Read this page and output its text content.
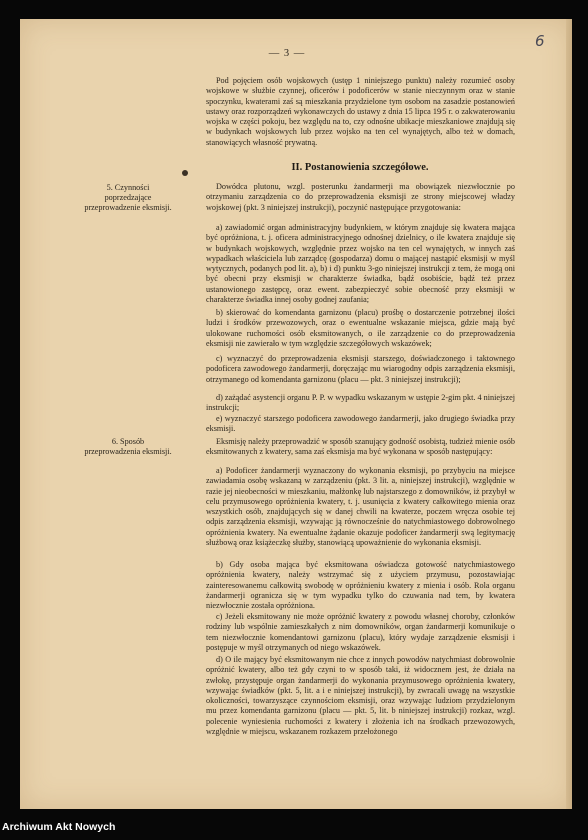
— 3 —
6

Pod pojęciem osób wojskowych (ustęp 1 niniejszego punktu) należy rozumieć osoby wojskowe w służbie czynnej, oficerów i podoficerów w stanie nieczynnym oraz w stanie spoczynku, kwaterami zaś są mieszkania przydzielone tym osobom na zasadzie postanowień ustawy oraz rozporządzeń wykonawczych do ustawy z dnia 15 lipca 19⁄5 r. o zakwaterowaniu wojska w części pokoju, bez względu na to, czy odnośne ubikacje mieszkaniowe znajdują się w budynkach wojskowych lub przez wojsko na ten cel wynajętych, albo też w domach, stanowiących własność prywatną.

II. Postanowienia szczegółowe.

5. Czynności poprzedzające przeprowadzenie eksmisji.

Dowódca plutonu, wzgl. posterunku żandarmerji ma obowiązek niezwłocznie po otrzymaniu zarządzenia co do przeprowadzenia eksmisji ze strony miejscowej władzy wojskowej (pkt. 3 niniejszej instrukcji), poczynić następujące przygotowania:

a) zawiadomić organ administracyjny budynkiem, w którym znajduje się kwatera mająca być opróżniona, t. j. oficera administracyjnego odnośnej dzielnicy, o ile kwatera znajduje się w budynkach wojskowych, względnie przez wojsko na ten cel wynajętych, w innych zaś wypadkach właściciela lub zarządcę (gospodarza) domu o mającej nastąpić eksmisji w myśl wytycznych, podanych pod lit. a), b) i d) punktu 3-go niniejszej instrukcji z tem, że mogą oni być obecni przy eksmisji w charakterze świadka, bądź osobiście, bądź też przez ustanowionego zastępcę, oraz ewent. zabezpieczyć sobie obecność przy eksmisji w charakterze świadka innej osoby godnej zaufania;

b) skierować do komendanta garnizonu (placu) prośbę o dostarczenie potrzebnej ilości ludzi i środków przewozowych, oraz o ewentualne wskazanie miejsca, gdzie mają być ulokowane ruchomości osób eksmitowanych, o ile zarządzenie co do przeprowadzenia eksmisji nie zawierało w tym względzie szczegółowych wskazówek;

c) wyznaczyć do przeprowadzenia eksmisji starszego, doświadczonego i taktownego podoficera zawodowego żandarmerji, doręczając mu wiarogodny odpis zarządzenia eksmisji, otrzymanego od komendanta garnizonu (placu — pkt. 3 niniejszej instrukcji);

d) zażądać asystencji organu P. P. w wypadku wskazanym w ustępie 2-gim pkt. 4 niniejszej instrukcji;

e) wyznaczyć starszego podoficera zawodowego żandarmerji, jako drugiego świadka przy eksmisji.

6. Sposób przeprowadzenia eksmisji.

Eksmisję należy przeprowadzić w sposób szanujący godność osobistą, tudzież mienie osób eksmitowanych z kwatery, sama zaś eksmisja ma być wykonana w sposób następujący:

a) Podoficer żandarmerji wyznaczony do wykonania eksmisji, po przybyciu na miejsce zawiadamia osobę wskazaną w zarządzeniu (pkt. 3 lit. a, niniejszej instrukcji), względnie w razie jej nieobecności w mieszkaniu, małżonkę lub najstarszego z domowników, iż przybył w celu przymusowego opróżnienia kwatery, t. j. usunięcia z kwatery całkowitego mienia oraz wszystkich osób, znajdujących się w danej chwili na kwaterze, poczem wręcza osobie tej odpis zarządzenia eksmisji, wzywając ją równocześnie do natychmiastowego dobrowolnego opróżnienia kwatery. Na ewentualne żądanie okazuje podoficer żandarmerji swą legitymację służbową oraz książeczkę służby, stanowiącą upoważnienie do wykonania eksmisji.

b) Gdy osoba mająca być eksmitowana oświadcza gotowość natychmiastowego opróżnienia kwatery, należy wstrzymać się z użyciem przymusu, pozostawiając zainteresowanemu całkowitą swobodę w opróżnieniu kwatery z mienia i osób. Rola organu żandarmerji ogranicza się w tym wypadku tylko do czuwania nad tem, by kwatera niezwłocznie została opróżniona.

c) Jeżeli eksmitowany nie może opróżnić kwatery z powodu własnej choroby, członków rodziny lub wspólnie zamieszkałych z nim domowników, organ żandarmerji komunikuje o tem niezwłocznie komendantowi garnizonu (placu), który wydaje zarządzenie eksmisji i postępuje w myśl otrzymanych od niego wskazówek.

d) O ile mający być eksmitowanym nie chce z innych powodów natychmiast dobrowolnie opróżnić kwatery, albo też gdy czyni to w sposób taki, iż widocznem jest, że działa na zwłokę, przystępuje organ żandarmerji do wykonania przymusowego opróżnienia kwatery, wzywając świadków (pkt. 5, lit. a i e niniejszej instrukcji), by zwracali uwagę na wszystkie okoliczności, towarzyszące czynnościom eksmisji, oraz wzywając ludziom przydzielonym mu przez komendanta garnizonu (placu — pkt. 5, lit. b niniejszej instrukcji) rozkaz, wzgl. polecenie wyniesienia ruchomości z kwatery i złożenia ich na środkach przewozowych, względnie w miejscu, wskazanem rozkazem przełożonego

Archiwum Akt Nowych
